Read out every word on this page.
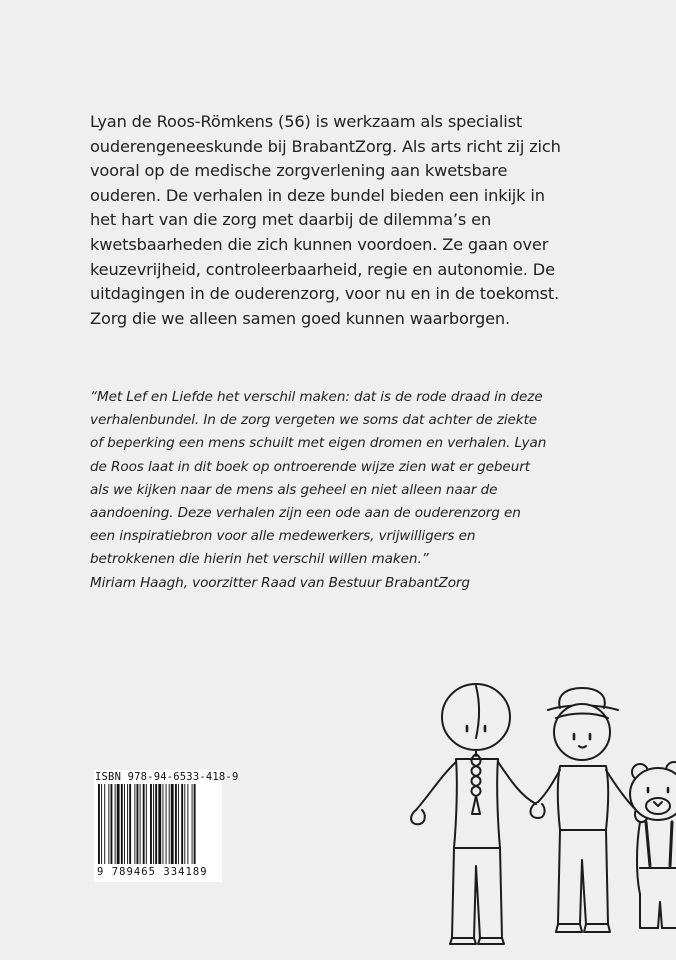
Lyan de Roos-Römkens (56) is werkzaam als specialist
ouderengeneeskunde bij BrabantZorg. Als arts richt zij zich
vooral op de medische zorgverlening aan kwetsbare
ouderen. De verhalen in deze bundel bieden een inkijk in
het hart van die zorg met daarbij de dilemma’s en
kwetsbaarheden die zich kunnen voordoen. Ze gaan over
keuzevrijheid, controleerbaarheid, regie en autonomie. De
uitdagingen in de ouderenzorg, voor nu en in de toekomst.
Zorg die we alleen samen goed kunnen waarborgen.
“Met Lef en Liefde het verschil maken: dat is de rode draad in deze
verhalenbundel. In de zorg vergeten we soms dat achter de ziekte
of beperking een mens schuilt met eigen dromen en verhalen. Lyan
de Roos laat in dit boek op ontroerende wijze zien wat er gebeurt
als we kijken naar de mens als geheel en niet alleen naar de
aandoening. Deze verhalen zijn een ode aan de ouderenzorg en
een inspiratiebron voor alle medewerkers, vrijwilligers en
betrokkenen die hierin het verschil willen maken.”
Miriam Haagh, voorzitter Raad van Bestuur BrabantZorg
ISBN 978-94-6533-418-9
9 789465 334189
